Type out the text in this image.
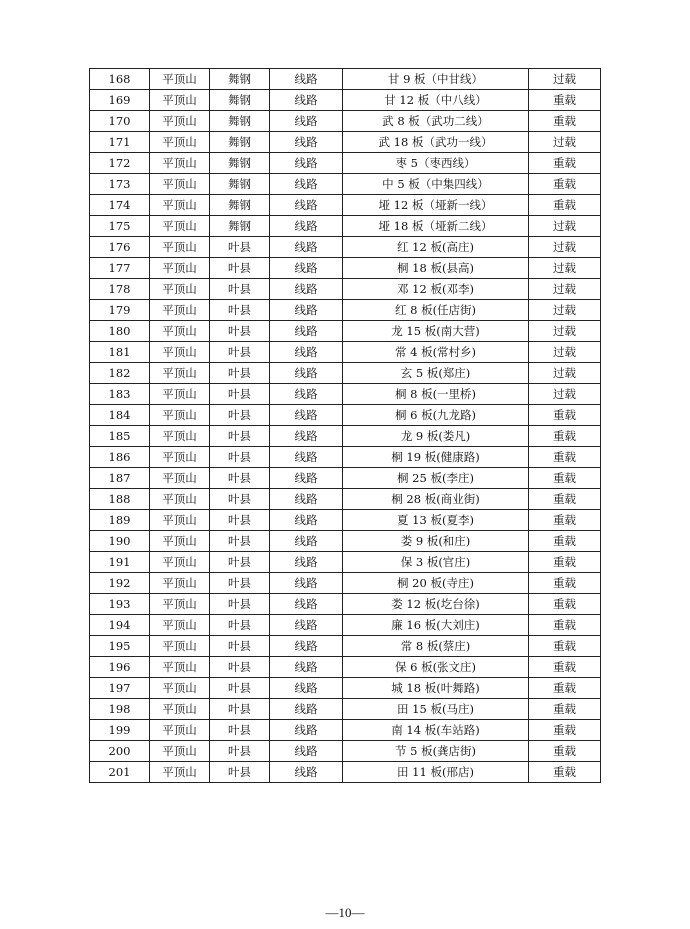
168	平顶山	舞钢	线路	甘 9 板（中甘线）	过载
169	平顶山	舞钢	线路	甘 12 板（中八线）	重载
170	平顶山	舞钢	线路	武 8 板（武功二线）	重载
171	平顶山	舞钢	线路	武 18 板（武功一线）	过载
172	平顶山	舞钢	线路	枣 5（枣西线）	重载
173	平顶山	舞钢	线路	中 5 板（中集四线）	重载
174	平顶山	舞钢	线路	垭 12 板（垭新一线）	重载
175	平顶山	舞钢	线路	垭 18 板（垭新二线）	过载
176	平顶山	叶县	线路	红 12 板(高庄)	过载
177	平顶山	叶县	线路	桐 18 板(县高)	过载
178	平顶山	叶县	线路	邓 12 板(邓李)	过载
179	平顶山	叶县	线路	红 8 板(任店街)	过载
180	平顶山	叶县	线路	龙 15 板(南大营)	过载
181	平顶山	叶县	线路	常 4 板(常村乡)	过载
182	平顶山	叶县	线路	玄 5 板(郑庄)	过载
183	平顶山	叶县	线路	桐 8 板(一里桥)	过载
184	平顶山	叶县	线路	桐 6 板(九龙路)	重载
185	平顶山	叶县	线路	龙 9 板(娄凡)	重载
186	平顶山	叶县	线路	桐 19 板(健康路)	重载
187	平顶山	叶县	线路	桐 25 板(李庄)	重载
188	平顶山	叶县	线路	桐 28 板(商业街)	重载
189	平顶山	叶县	线路	夏 13 板(夏李)	重载
190	平顶山	叶县	线路	娄 9 板(和庄)	重载
191	平顶山	叶县	线路	保 3 板(官庄)	重载
192	平顶山	叶县	线路	桐 20 板(寺庄)	重载
193	平顶山	叶县	线路	娄 12 板(圪台徐)	重载
194	平顶山	叶县	线路	廉 16 板(大刘庄)	重载
195	平顶山	叶县	线路	常 8 板(蔡庄)	重载
196	平顶山	叶县	线路	保 6 板(张文庄)	重载
197	平顶山	叶县	线路	城 18 板(叶舞路)	重载
198	平顶山	叶县	线路	田 15 板(马庄)	重载
199	平顶山	叶县	线路	南 14 板(车站路)	重载
200	平顶山	叶县	线路	节 5 板(龚店街)	重载
201	平顶山	叶县	线路	田 11 板(邢店)	重载
—10—
